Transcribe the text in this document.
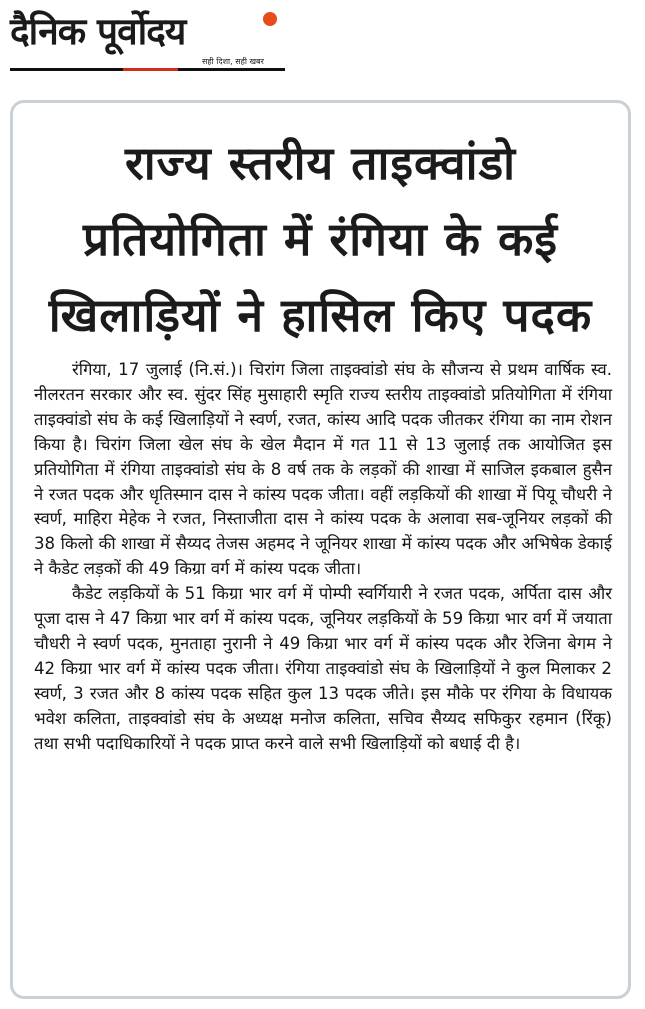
दैनिक पूर्वोदय
सही दिशा, सही खबर
राज्य स्तरीय ताइक्वांडो प्रतियोगिता में रंगिया के कई खिलाड़ियों ने हासिल किए पदक

रंगिया, 17 जुलाई (नि.सं.)। चिरांग जिला ताइक्वांडो संघ के सौजन्य से प्रथम वार्षिक स्व. नीलरतन सरकार और स्व. सुंदर सिंह मुसाहारी स्मृति राज्य स्तरीय ताइक्वांडो प्रतियोगिता में रंगिया ताइक्वांडो संघ के कई खिलाड़ियों ने स्वर्ण, रजत, कांस्य आदि पदक जीतकर रंगिया का नाम रोशन किया है। चिरांग जिला खेल संघ के खेल मैदान में गत 11 से 13 जुलाई तक आयोजित इस प्रतियोगिता में रंगिया ताइक्वांडो संघ के 8 वर्ष तक के लड़कों की शाखा में साजिल इकबाल हुसैन ने रजत पदक और धृतिस्मान दास ने कांस्य पदक जीता। वहीं लड़कियों की शाखा में पियू चौधरी ने स्वर्ण, माहिरा मेहेक ने रजत, निस्ताजीता दास ने कांस्य पदक के अलावा सब-जूनियर लड़कों की 38 किलो की शाखा में सैय्यद तेजस अहमद ने जूनियर शाखा में कांस्य पदक और अभिषेक डेकाई ने कैडेट लड़कों की 49 किग्रा वर्ग में कांस्य पदक जीता।

कैडेट लड़कियों के 51 किग्रा भार वर्ग में पोम्पी स्वर्गियारी ने रजत पदक, अर्पिता दास और पूजा दास ने 47 किग्रा भार वर्ग में कांस्य पदक, जूनियर लड़कियों के 59 किग्रा भार वर्ग में जयाता चौधरी ने स्वर्ण पदक, मुनताहा नुरानी ने 49 किग्रा भार वर्ग में कांस्य पदक और रेजिना बेगम ने 42 किग्रा भार वर्ग में कांस्य पदक जीता। रंगिया ताइक्वांडो संघ के खिलाड़ियों ने कुल मिलाकर 2 स्वर्ण, 3 रजत और 8 कांस्य पदक सहित कुल 13 पदक जीते। इस मौके पर रंगिया के विधायक भवेश कलिता, ताइक्वांडो संघ के अध्यक्ष मनोज कलिता, सचिव सैय्यद सफिकुर रहमान (रिंकू) तथा सभी पदाधिकारियों ने पदक प्राप्त करने वाले सभी खिलाड़ियों को बधाई दी है।
